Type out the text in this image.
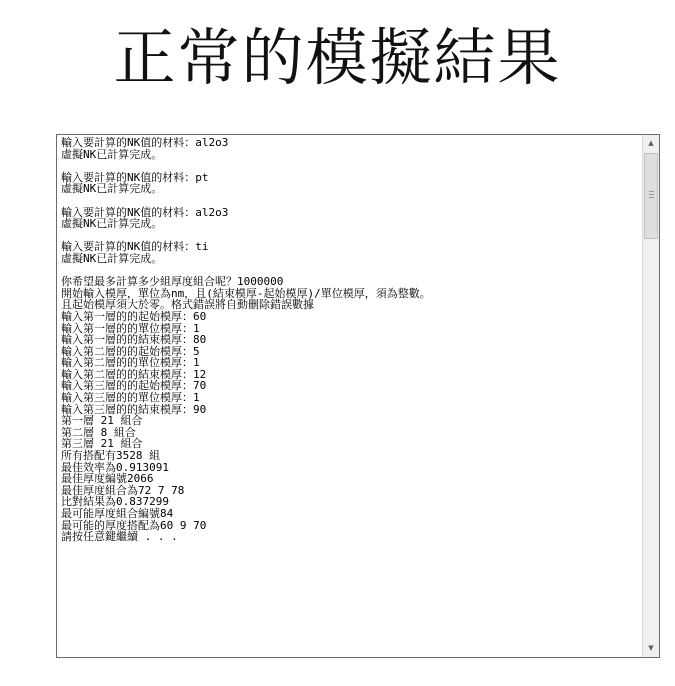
正常的模擬結果
輸入要計算的NK值的材料：al2o3
虛擬NK已計算完成。
輸入要計算的NK值的材料：pt
虛擬NK已計算完成。
輸入要計算的NK值的材料：al2o3
虛擬NK已計算完成。
輸入要計算的NK值的材料：ti
虛擬NK已計算完成。
你希望最多計算多少組厚度組合呢？1000000
開始輸入模厚，單位為nm，且(結束模厚-起始模厚)/單位模厚，須為整數。
且起始模厚須大於零。格式錯誤將自動刪除錯誤數據
輸入第一層的的起始模厚：60
輸入第一層的的單位模厚：1
輸入第一層的的結束模厚：80
輸入第二層的的起始模厚：5
輸入第二層的的單位模厚：1
輸入第二層的的結束模厚：12
輸入第三層的的起始模厚：70
輸入第三層的的單位模厚：1
輸入第三層的的結束模厚：90
第一層 21 組合
第二層 8 組合
第三層 21 組合
所有搭配有3528 組
最佳效率為0.913091
最佳厚度編號2066
最佳厚度組合為72 7 78
比對結果為0.837299
最可能厚度組合編號84
最可能的厚度搭配為60 9 70
請按任意鍵繼續 . . .
▲
▼
